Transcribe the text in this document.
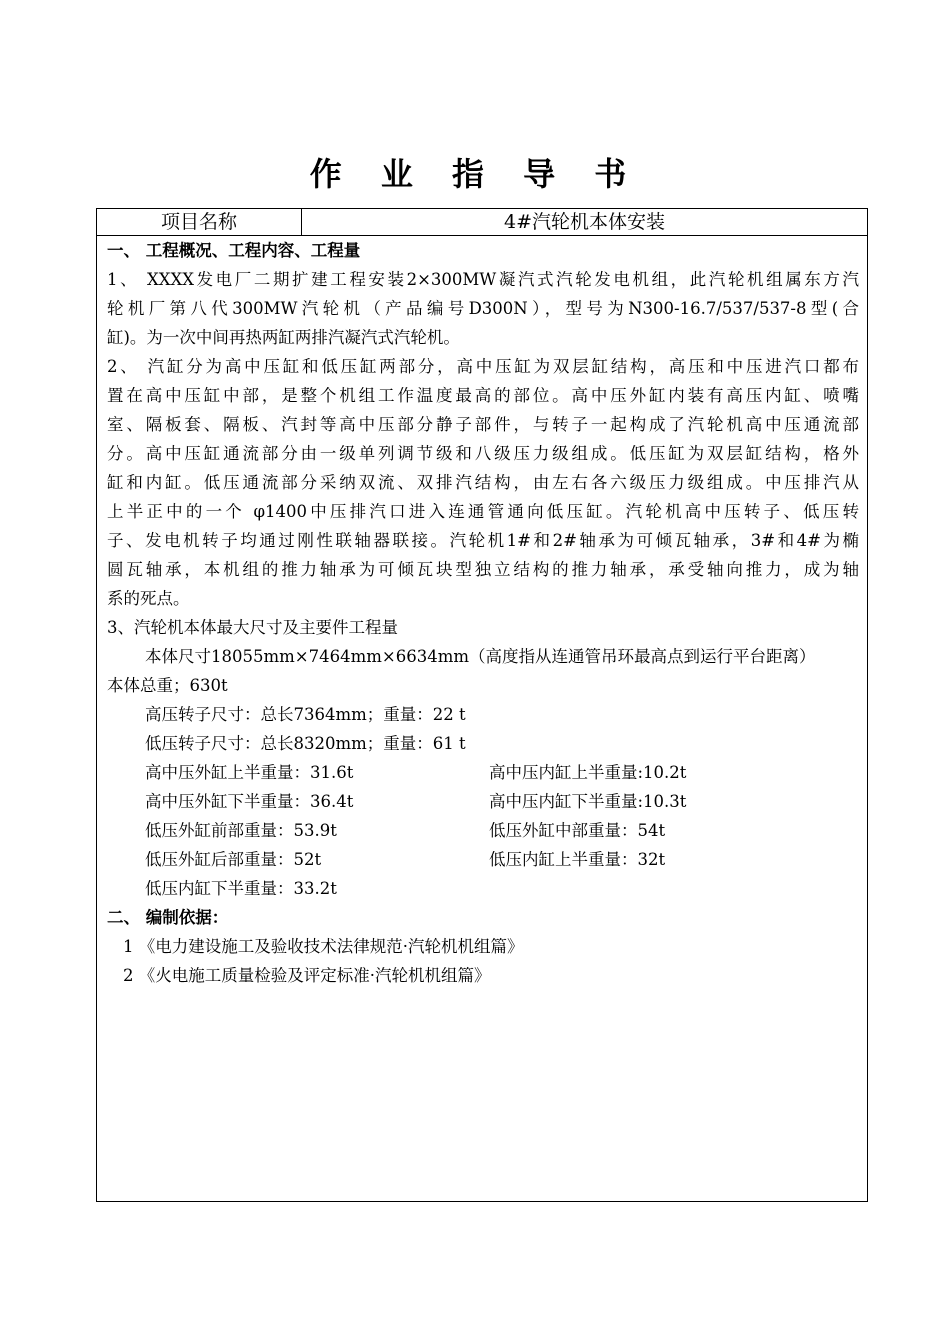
作 业 指 导 书
项目名称	4#汽轮机本体安装
一、 工程概况、工程内容、工程量
1、 XXXX发电厂二期扩建工程安装2×300MW凝汽式汽轮发电机组，此汽轮机组属东方汽
轮机厂第八代300MW汽轮机（产品编号D300N），型号为N300-16.7/537/537-8型(合
缸)。为一次中间再热两缸两排汽凝汽式汽轮机。
2、 汽缸分为高中压缸和低压缸两部分，高中压缸为双层缸结构，高压和中压进汽口都布
置在高中压缸中部，是整个机组工作温度最高的部位。高中压外缸内装有高压内缸、喷嘴
室、隔板套、隔板、汽封等高中压部分静子部件，与转子一起构成了汽轮机高中压通流部
分。高中压缸通流部分由一级单列调节级和八级压力级组成。低压缸为双层缸结构，格外
缸和内缸。低压通流部分采纳双流、双排汽结构，由左右各六级压力级组成。中压排汽从
上半正中的一个 φ1400中压排汽口进入连通管通向低压缸。汽轮机高中压转子、低压转
子、发电机转子均通过刚性联轴器联接。汽轮机1#和2#轴承为可倾瓦轴承，3#和4#为椭
圆瓦轴承，本机组的推力轴承为可倾瓦块型独立结构的推力轴承，承受轴向推力，成为轴
系的死点。
3、汽轮机本体最大尺寸及主要件工程量
本体尺寸18055mm×7464mm×6634mm（高度指从连通管吊环最高点到运行平台距离）
本体总重；630t
高压转子尺寸：总长7364mm；重量：22 t
低压转子尺寸：总长8320mm；重量：61 t
高中压外缸上半重量：31.6t	高中压内缸上半重量:10.2t
高中压外缸下半重量：36.4t	高中压内缸下半重量:10.3t
低压外缸前部重量：53.9t	低压外缸中部重量：54t
低压外缸后部重量：52t	低压内缸上半重量：32t
低压内缸下半重量：33.2t
二、 编制依据：
1 《电力建设施工及验收技术法律规范·汽轮机机组篇》
2 《火电施工质量检验及评定标准·汽轮机机组篇》
